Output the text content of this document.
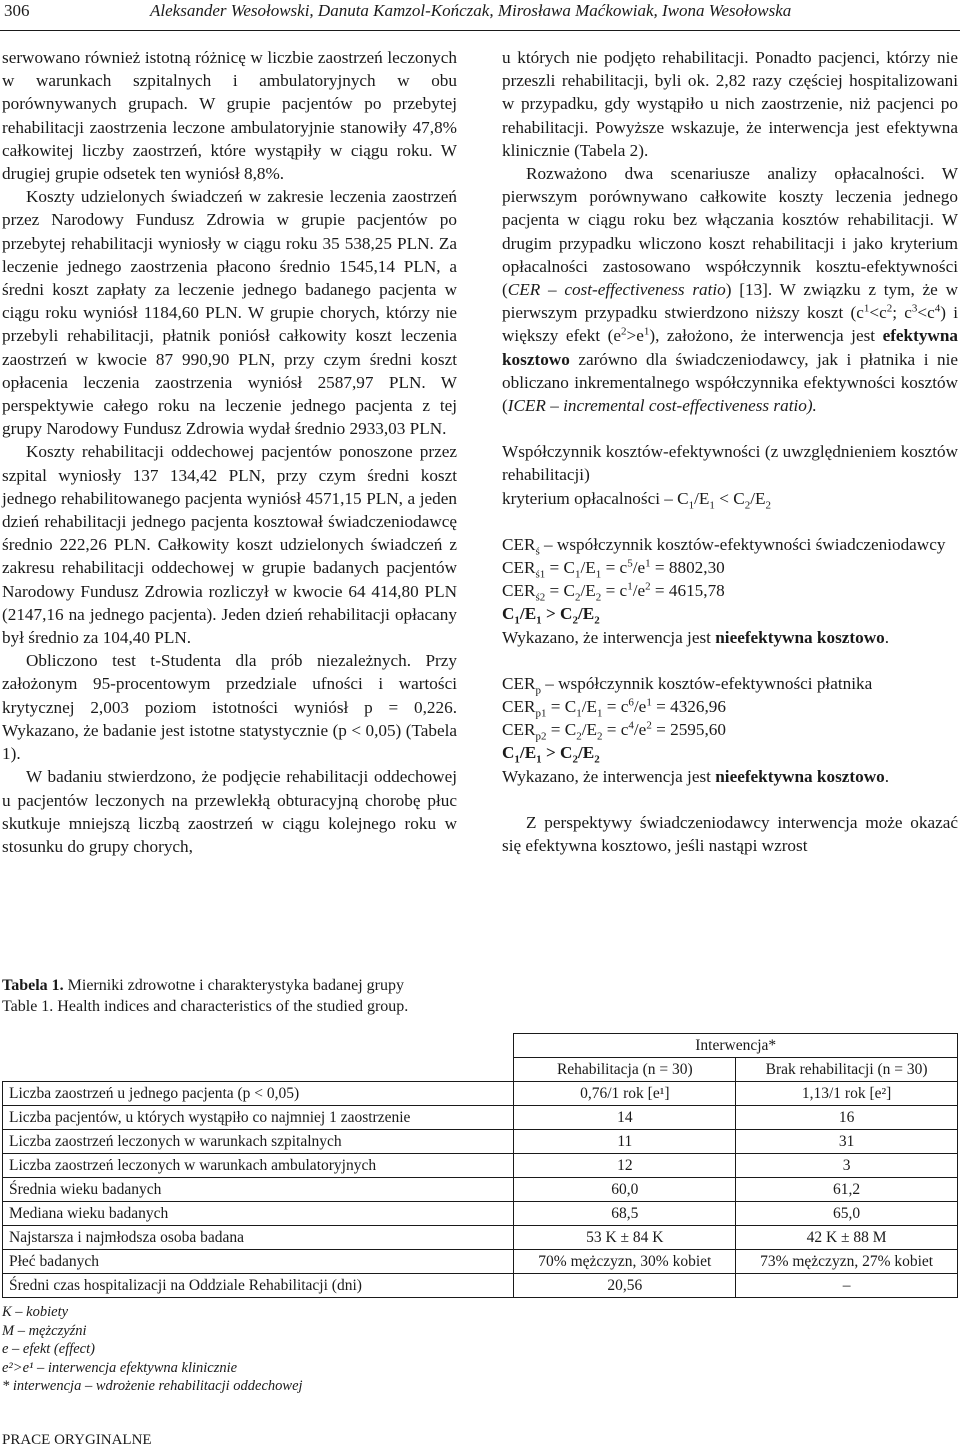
306	Aleksander Wesołowski, Danuta Kamzol-Kończak, Mirosława Maćkowiak, Iwona Wesołowska

serwowano również istotną różnicę w liczbie zaostrzeń leczonych w warunkach szpitalnych i ambulatoryjnych w obu porównywanych grupach. W grupie pacjentów po przebytej rehabilitacji zaostrzenia leczone ambulatoryjnie stanowiły 47,8% całkowitej liczby zaostrzeń, które wystąpiły w ciągu roku. W drugiej grupie odsetek ten wyniósł 8,8%.

Koszty udzielonych świadczeń w zakresie leczenia zaostrzeń przez Narodowy Fundusz Zdrowia w grupie pacjentów po przebytej rehabilitacji wyniosły w ciągu roku 35 538,25 PLN. Za leczenie jednego zaostrzenia płacono średnio 1545,14 PLN, a średni koszt zapłaty za leczenie jednego badanego pacjenta w ciągu roku wyniósł 1184,60 PLN. W grupie chorych, którzy nie przebyli rehabilitacji, płatnik poniósł całkowity koszt leczenia zaostrzeń w kwocie 87 990,90 PLN, przy czym średni koszt opłacenia leczenia zaostrzenia wyniósł 2587,97 PLN. W perspektywie całego roku na leczenie jednego pacjenta z tej grupy Narodowy Fundusz Zdrowia wydał średnio 2933,03 PLN.

Koszty rehabilitacji oddechowej pacjentów ponoszone przez szpital wyniosły 137 134,42 PLN, przy czym średni koszt jednego rehabilitowanego pacjenta wyniósł 4571,15 PLN, a jeden dzień rehabilitacji jednego pacjenta kosztował świadczeniodawcę średnio 222,26 PLN. Całkowity koszt udzielonych świadczeń z zakresu rehabilitacji oddechowej w grupie badanych pacjentów Narodowy Fundusz Zdrowia rozliczył w kwocie 64 414,80 PLN (2147,16 na jednego pacjenta). Jeden dzień rehabilitacji opłacany był średnio za 104,40 PLN.

Obliczono test t-Studenta dla prób niezależnych. Przy założonym 95-procentowym przedziale ufności i wartości krytycznej 2,003 poziom istotności wyniósł p = 0,226. Wykazano, że badanie jest istotne statystycznie (p < 0,05) (Tabela 1).

W badaniu stwierdzono, że podjęcie rehabilitacji oddechowej u pacjentów leczonych na przewlekłą obturacyjną chorobę płuc skutkuje mniejszą liczbą zaostrzeń w ciągu kolejnego roku w stosunku do grupy chorych,

u których nie podjęto rehabilitacji. Ponadto pacjenci, którzy nie przeszli rehabilitacji, byli ok. 2,82 razy częściej hospitalizowani w przypadku, gdy wystąpiło u nich zaostrzenie, niż pacjenci po rehabilitacji. Powyższe wskazuje, że interwencja jest efektywna klinicznie (Tabela 2).

Rozważono dwa scenariusze analizy opłacalności. W pierwszym porównywano całkowite koszty leczenia jednego pacjenta w ciągu roku bez włączania kosztów rehabilitacji. W drugim przypadku wliczono koszt rehabilitacji i jako kryterium opłacalności zastosowano współczynnik kosztu-efektywności (CER – cost-effectiveness ratio) [13]. W związku z tym, że w pierwszym przypadku stwierdzono niższy koszt ($c^1<c^2$; $c^3<c^4$) i większy efekt $(e^2>e^1)$, założono, że interwencja jest efektywna kosztowo zarówno dla świadczeniodawcy, jak i płatnika i nie obliczano inkrementalnego współczynnika efektywności kosztów (ICER – incremental cost-effectiveness ratio).

Współczynnik kosztów-efektywności (z uwzględnieniem kosztów rehabilitacji)

kryterium opłacalności – $C_1/E_1 < C_2/E_2$

$CER_ś$ – współczynnik kosztów-efektywności świadczeniodawcy

$CER_{ś1} = C_1/E_1 = c^5/e^1 = 8802,30$

$CER_{ś2} = C_2/E_2 = c^1/e^2 = 4615,78$

$C_1/E_1 > C_2/E_2$

Wykazano, że interwencja jest nieefektywna kosztowo.

$CER_p$ – współczynnik kosztów-efektywności płatnika

$CER_{p1} = C_1/E_1 = c^6/e^1 = 4326,96$

$CER_{p2} = C_2/E_2 = c^4/e^2 = 2595,60$

$C_1/E_1 > C_2/E_2$

Wykazano, że interwencja jest nieefektywna kosztowo.

Z perspektywy świadczeniodawcy interwencja może okazać się efektywna kosztowo, jeśli nastąpi wzrost

Tabela 1. Mierniki zdrowotne i charakterystyka badanej grupy
Table 1. Health indices and characteristics of the studied group.
	Interwencja*	
	Rehabilitacja (n = 30)	Brak rehabilitacji (n = 30)
Liczba zaostrzeń u jednego pacjenta (p < 0,05)	0,76/1 rok [e¹]	1,13/1 rok [e²]
Liczba pacjentów, u których wystąpiło co najmniej 1 zaostrzenie	14	16
Liczba zaostrzeń leczonych w warunkach szpitalnych	11	31
Liczba zaostrzeń leczonych w warunkach ambulatoryjnych	12	3
Średnia wieku badanych	60,0	61,2
Mediana wieku badanych	68,5	65,0
Najstarsza i najmłodsza osoba badana	53 K ± 84 K	42 K ± 88 M
Płeć badanych	70% mężczyzn, 30% kobiet	73% mężczyzn, 27% kobiet
Średni czas hospitalizacji na Oddziale Rehabilitacji (dni)	20,56	–
K – kobiety
M – mężczyźni
e – efekt (effect)
e²>e¹ – interwencja efektywna klinicznie
* interwencja – wdrożenie rehabilitacji oddechowej
PRACE ORYGINALNE
